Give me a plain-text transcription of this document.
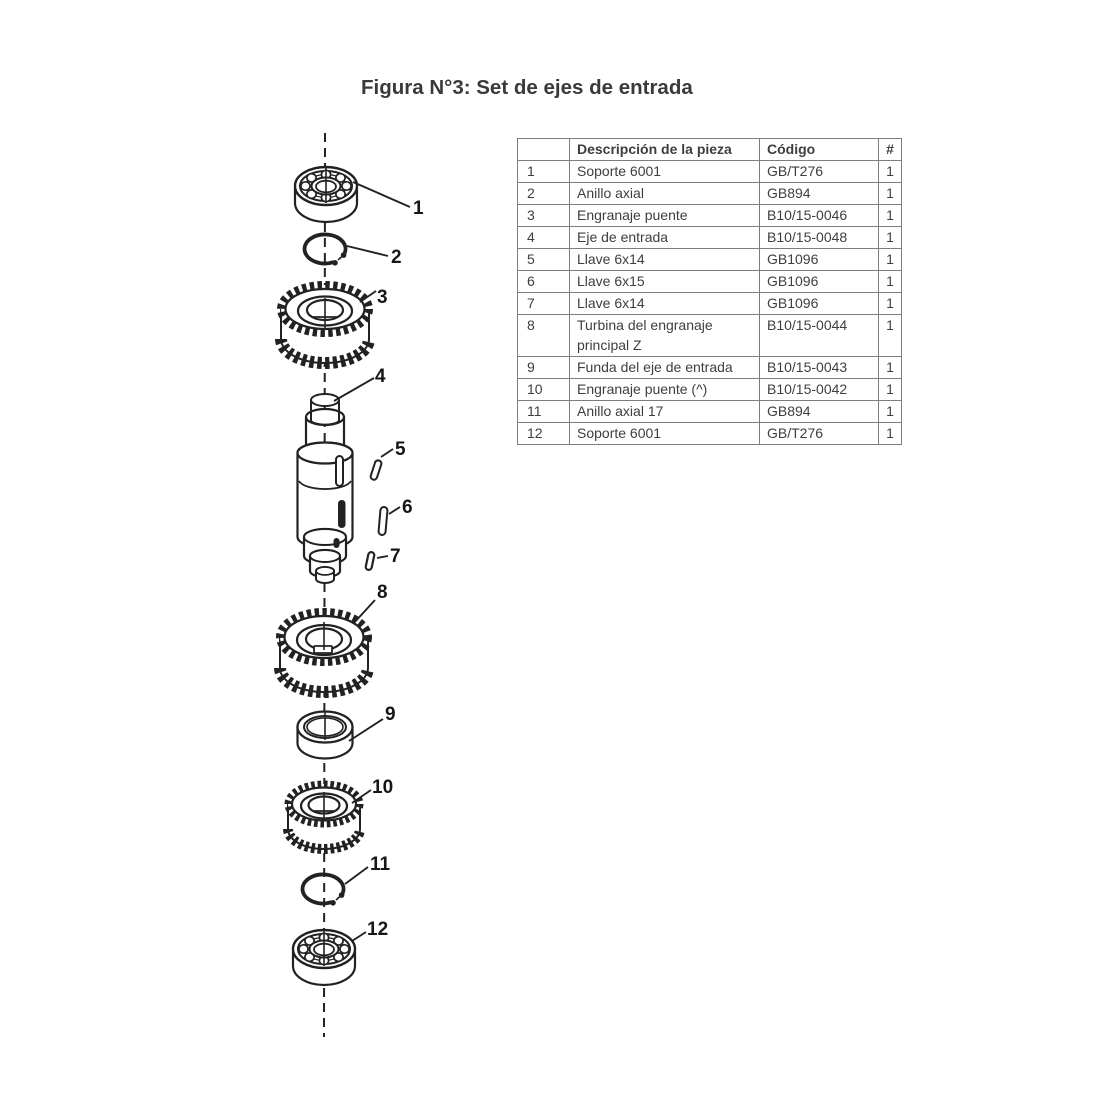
Figura N°3: Set de ejes de entrada
1
2
3
4
5
6
7
8
9
10
11
12
	Descripción de la pieza	Código	#
1	Soporte 6001	GB/T276	1
2	Anillo axial	GB894	1
3	Engranaje puente	B10/15-0046	1
4	Eje de entrada	B10/15-0048	1
5	Llave 6x14	GB1096	1
6	Llave 6x15	GB1096	1
7	Llave 6x14	GB1096	1
8	Turbina del engranaje principal Z	B10/15-0044	1
9	Funda del eje de entrada	B10/15-0043	1
10	Engranaje puente (^)	B10/15-0042	1
11	Anillo axial 17	GB894	1
12	Soporte 6001	GB/T276	1
